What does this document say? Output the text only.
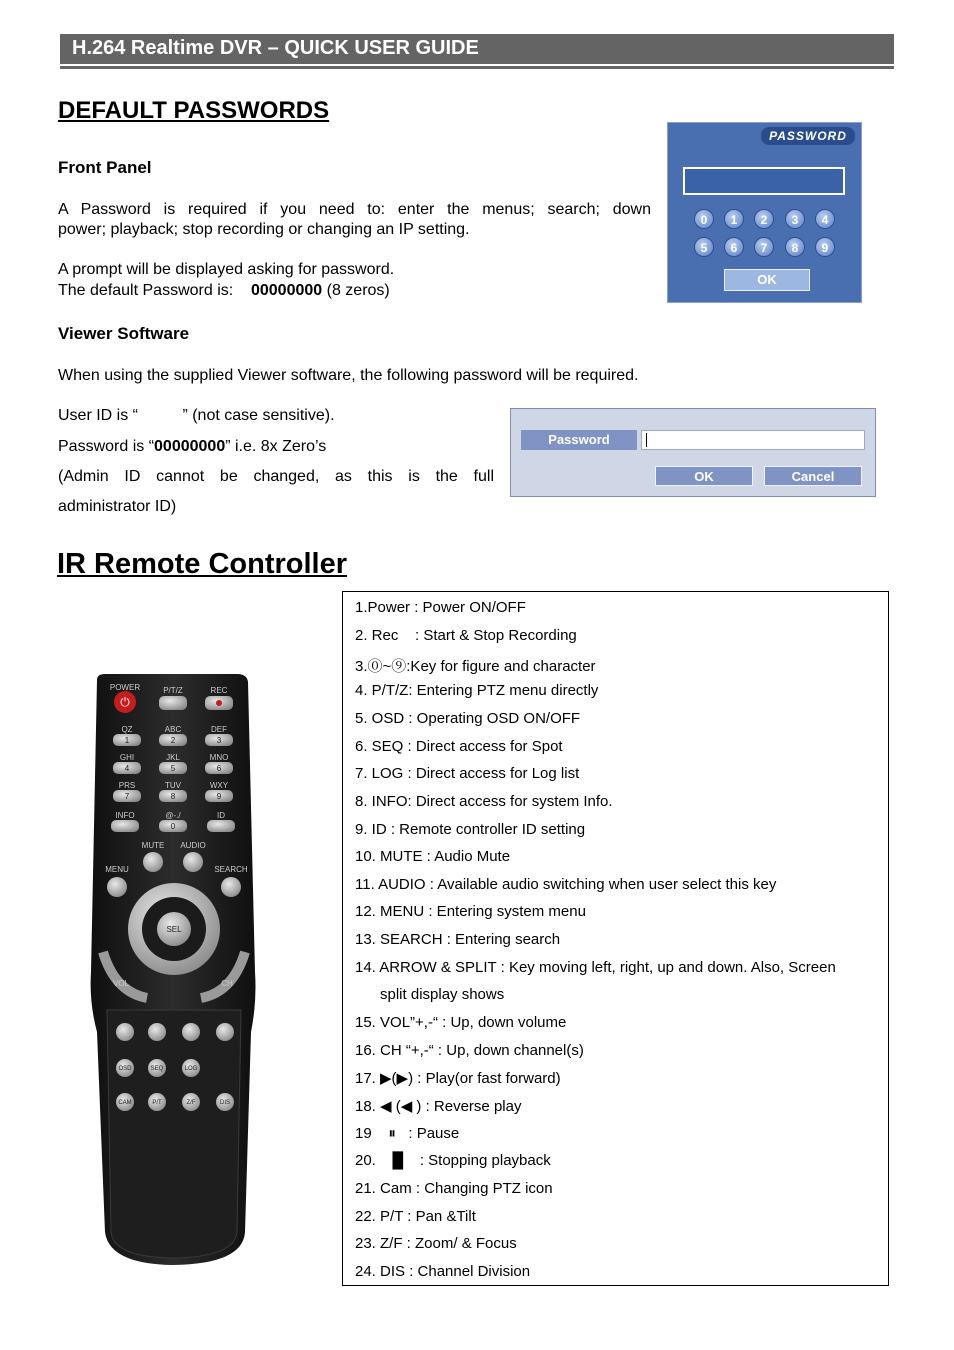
H.264 Realtime DVR – QUICK USER GUIDE
DEFAULT PASSWORDS
Front Panel
A Password is required if you need to: enter the menus; search; down
power; playback; stop recording or changing an IP setting.
A prompt will be displayed asking for password.
The default Password is: 00000000 (8 zeros)
PASSWORD
0	1	2	3	4
5	6	7	8	9
OK
Viewer Software
When using the supplied Viewer software, the following password will be required.
User ID is “	” (not case sensitive).
Password is “00000000” i.e. 8x Zero’s
(Admin ID cannot be changed, as this is the full
administrator ID)
Password
OK	Cancel
IR Remote Controller
⏻
POWER	P/T/Z	REC
QZ	ABC	DEF
GHI	JKL	MNO
PRS	TUV	WXY
INFO	@-./	ID
1	2	3
4	5	6
7	8	9
0
MUTE AUDIO
MENU	SEARCH
SEL
VOL	CH
OSD	SEQ	LOG
CAM	P/T	Z/F	DIS
1.Power : Power ON/OFF
2. Rec    : Start & Stop Recording
3.⓪~⑨:Key for figure and character
4. P/T/Z: Entering PTZ menu directly
5. OSD : Operating OSD ON/OFF
6. SEQ : Direct access for Spot
7. LOG : Direct access for Log list
8. INFO: Direct access for system Info.
9. ID : Remote controller ID setting
10. MUTE : Audio Mute
11. AUDIO : Available audio switching when user select this key
12. MENU : Entering system menu
13. SEARCH : Entering search
14. ARROW & SPLIT : Key moving left, right, up and down. Also, Screen
split display shows
15. VOL”+,-“ : Up, down volume
16. CH “+,-“ : Up, down channel(s)
17. ▶(▶) : Play(or fast forward)
18. ◀ (◀ ) : Reverse play
19    ⏸   : Pause
20.    █    : Stopping playback
21. Cam : Changing PTZ icon
22. P/T : Pan &Tilt
23. Z/F : Zoom/ & Focus
24. DIS : Channel Division
